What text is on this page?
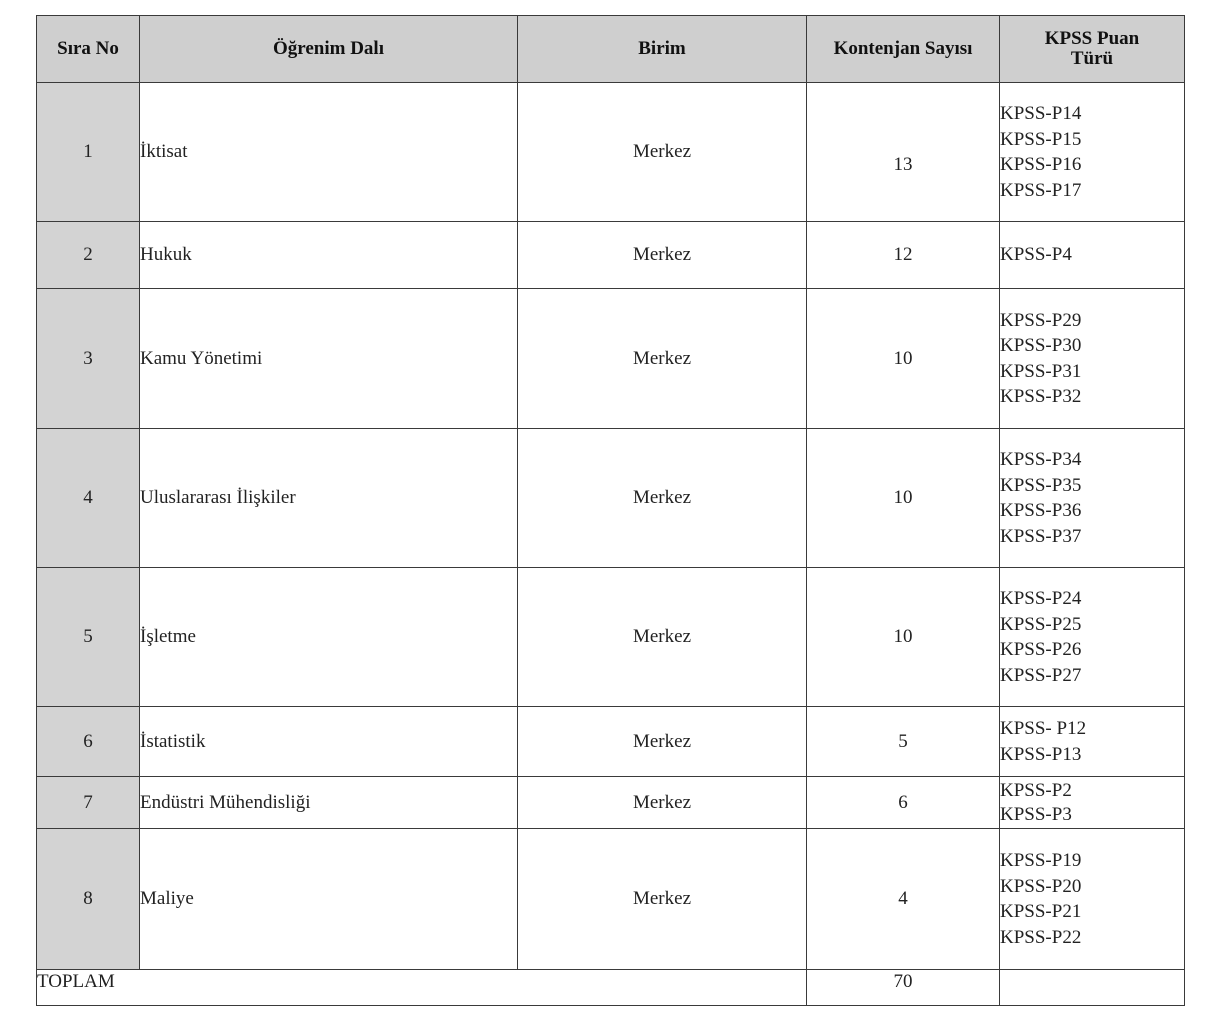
Sıra No	Öğrenim Dalı	Birim	Kontenjan Sayısı	KPSS Puan
Türü

1	İktisat	Merkez	13	KPSS-P14
KPSS-P15
KPSS-P16
KPSS-P17

2	Hukuk	Merkez	12	KPSS-P4

3	Kamu Yönetimi	Merkez	10	KPSS-P29
KPSS-P30
KPSS-P31
KPSS-P32

4	Uluslararası İlişkiler	Merkez	10	KPSS-P34
KPSS-P35
KPSS-P36
KPSS-P37

5	İşletme	Merkez	10	KPSS-P24
KPSS-P25
KPSS-P26
KPSS-P27

6	İstatistik	Merkez	5	KPSS- P12
KPSS-P13

7	Endüstri Mühendisliği	Merkez	6	KPSS-P2
KPSS-P3

8	Maliye	Merkez	4	KPSS-P19
KPSS-P20
KPSS-P21
KPSS-P22

TOPLAM			70	
